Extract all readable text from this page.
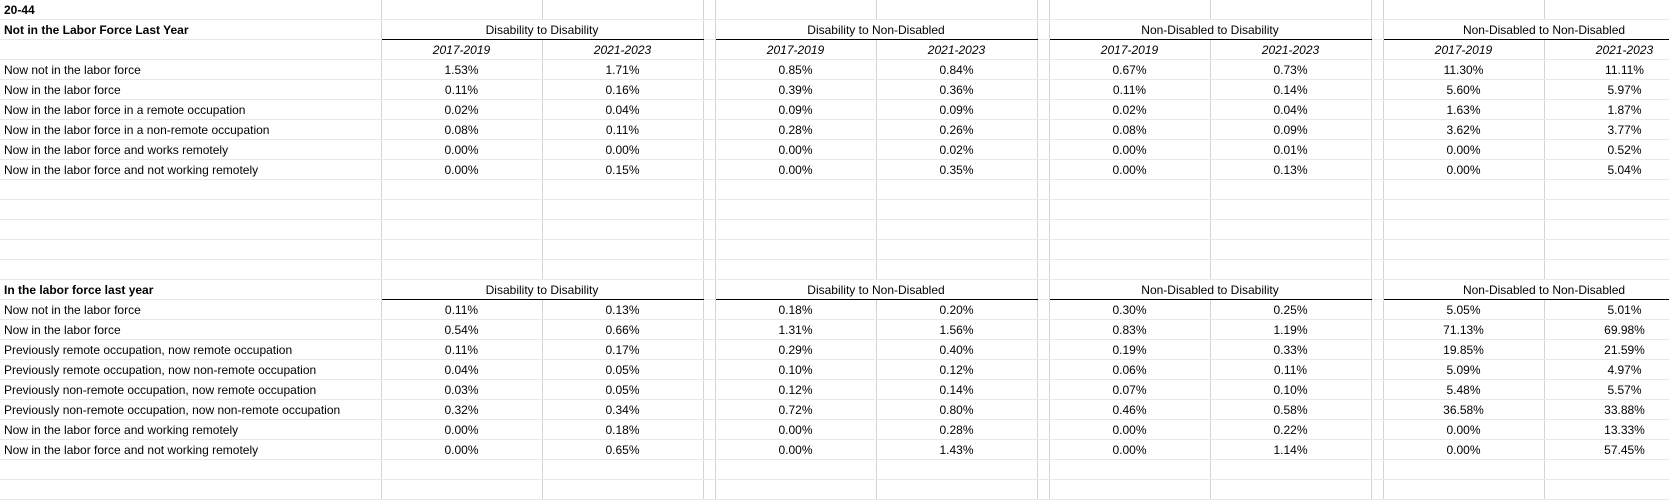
20-44											
Not in the Labor Force Last Year	Disability to Disability			Disability to Non-Disabled			Non-Disabled to Disability			Non-Disabled to Non-Disabled	
	2017-2019	2021-2023		2017-2019	2021-2023		2017-2019	2021-2023		2017-2019	2021-2023
Now not in the labor force	1.53%	1.71%		0.85%	0.84%		0.67%	0.73%		11.30%	11.11%
Now in the labor force	0.11%	0.16%		0.39%	0.36%		0.11%	0.14%		5.60%	5.97%
Now in the labor force in a remote occupation	0.02%	0.04%		0.09%	0.09%		0.02%	0.04%		1.63%	1.87%
Now in the labor force in a non-remote occupation	0.08%	0.11%		0.28%	0.26%		0.08%	0.09%		3.62%	3.77%
Now in the labor force and works remotely	0.00%	0.00%		0.00%	0.02%		0.00%	0.01%		0.00%	0.52%
Now in the labor force and not working remotely	0.00%	0.15%		0.00%	0.35%		0.00%	0.13%		0.00%	5.04%

In the labor force last year	Disability to Disability			Disability to Non-Disabled			Non-Disabled to Disability			Non-Disabled to Non-Disabled	
Now not in the labor force	0.11%	0.13%		0.18%	0.20%		0.30%	0.25%		5.05%	5.01%
Now in the labor force	0.54%	0.66%		1.31%	1.56%		0.83%	1.19%		71.13%	69.98%
Previously remote occupation, now remote occupation	0.11%	0.17%		0.29%	0.40%		0.19%	0.33%		19.85%	21.59%
Previously remote occupation, now non-remote occupation	0.04%	0.05%		0.10%	0.12%		0.06%	0.11%		5.09%	4.97%
Previously non-remote occupation, now remote occupation	0.03%	0.05%		0.12%	0.14%		0.07%	0.10%		5.48%	5.57%
Previously non-remote occupation, now non-remote occupation	0.32%	0.34%		0.72%	0.80%		0.46%	0.58%		36.58%	33.88%
Now in the labor force and working remotely	0.00%	0.18%		0.00%	0.28%		0.00%	0.22%		0.00%	13.33%
Now in the labor force and not working remotely	0.00%	0.65%		0.00%	1.43%		0.00%	1.14%		0.00%	57.45%
